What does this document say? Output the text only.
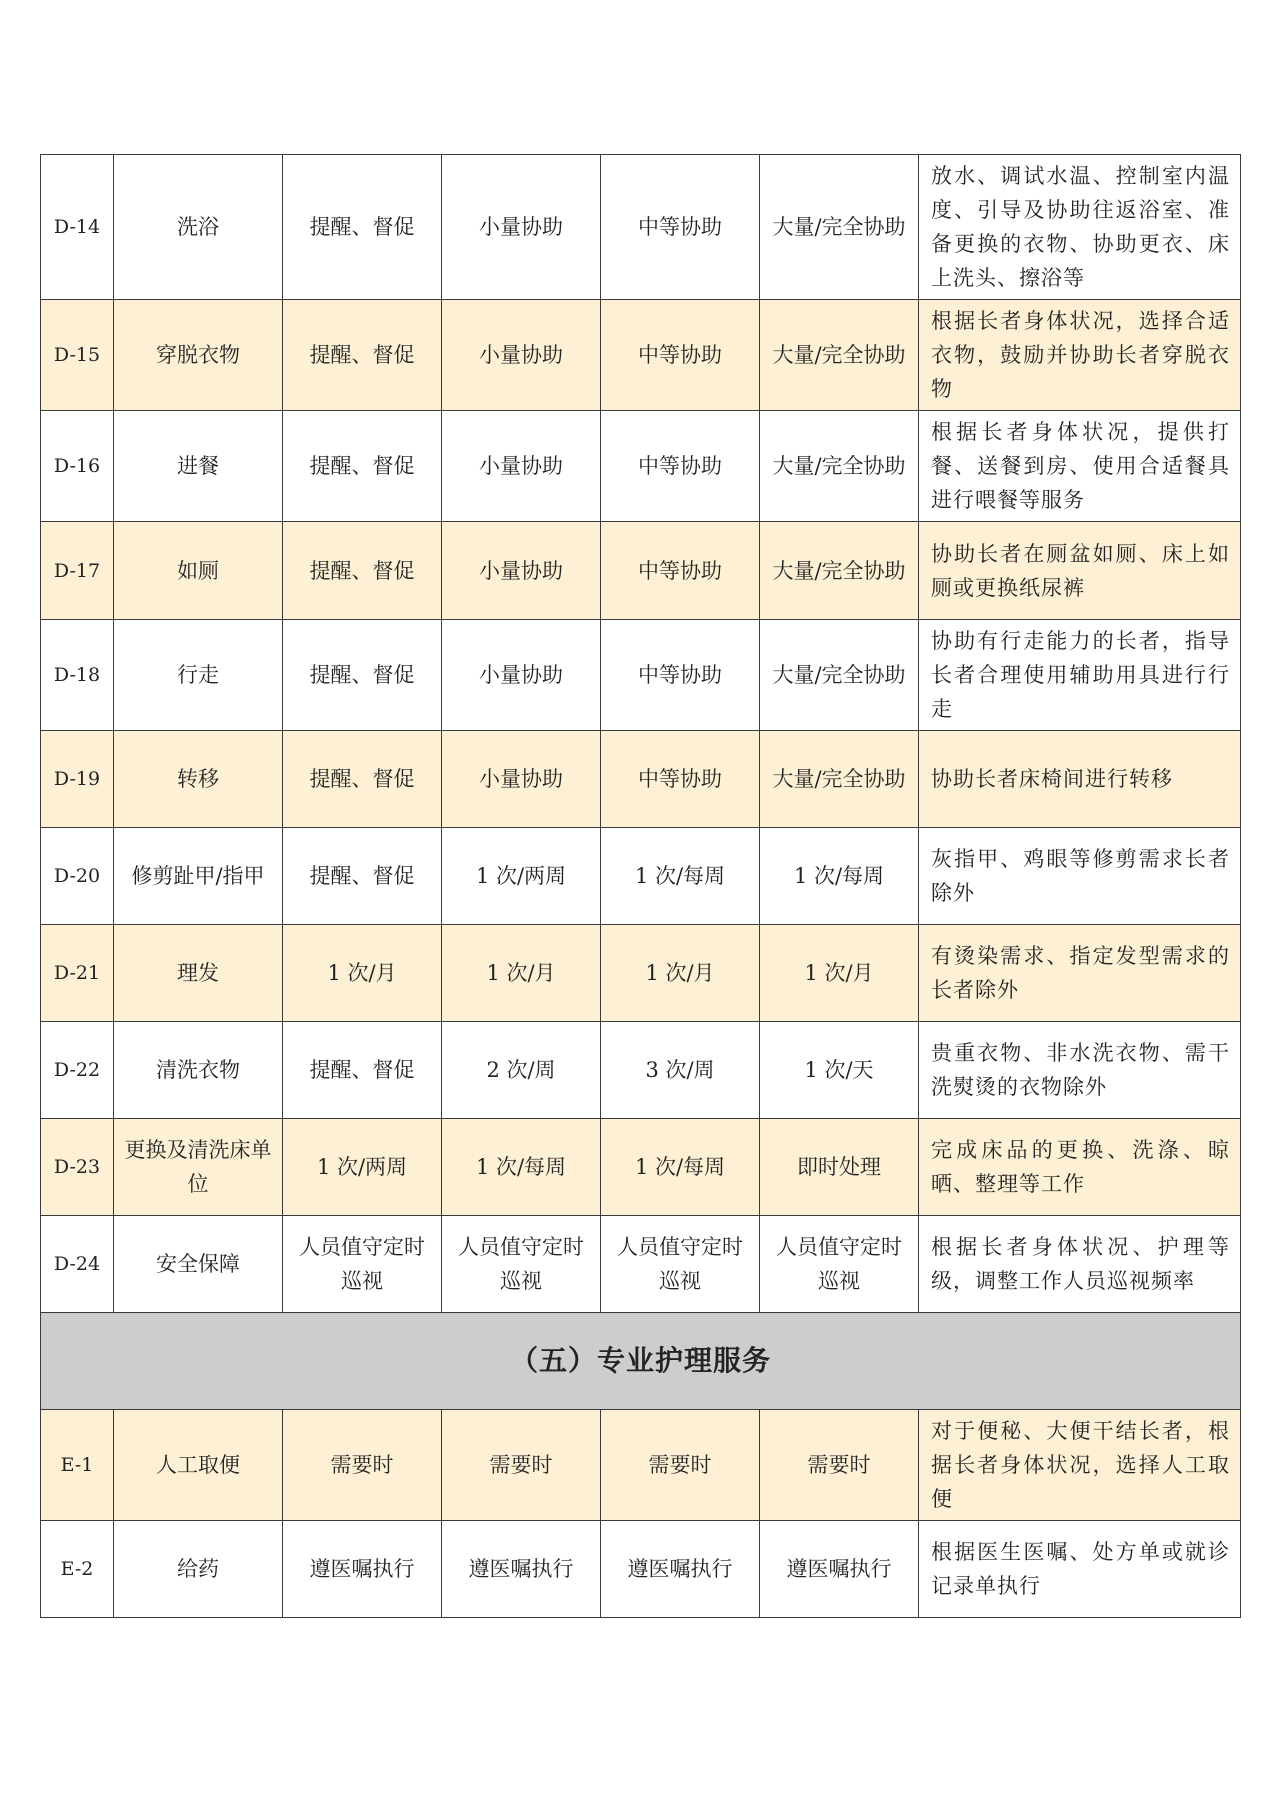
D-14	洗浴	提醒、督促	小量协助	中等协助	大量/完全协助	放水、调试水温、控制室内温度、引导及协助往返浴室、准备更换的衣物、协助更衣、床上洗头、擦浴等
D-15	穿脱衣物	提醒、督促	小量协助	中等协助	大量/完全协助	根据长者身体状况，选择合适衣物，鼓励并协助长者穿脱衣物
D-16	进餐	提醒、督促	小量协助	中等协助	大量/完全协助	根据长者身体状况，提供打餐、送餐到房、使用合适餐具进行喂餐等服务
D-17	如厕	提醒、督促	小量协助	中等协助	大量/完全协助	协助长者在厕盆如厕、床上如厕或更换纸尿裤
D-18	行走	提醒、督促	小量协助	中等协助	大量/完全协助	协助有行走能力的长者，指导长者合理使用辅助用具进行行走
D-19	转移	提醒、督促	小量协助	中等协助	大量/完全协助	协助长者床椅间进行转移
D-20	修剪趾甲/指甲	提醒、督促	1 次/两周	1 次/每周	1 次/每周	灰指甲、鸡眼等修剪需求长者除外
D-21	理发	1 次/月	1 次/月	1 次/月	1 次/月	有烫染需求、指定发型需求的长者除外
D-22	清洗衣物	提醒、督促	2 次/周	3 次/周	1 次/天	贵重衣物、非水洗衣物、需干洗熨烫的衣物除外
D-23	更换及清洗床单位	1 次/两周	1 次/每周	1 次/每周	即时处理	完成床品的更换、洗涤、晾晒、整理等工作
D-24	安全保障	人员值守定时巡视	人员值守定时巡视	人员值守定时巡视	人员值守定时巡视	根据长者身体状况、护理等级，调整工作人员巡视频率
（五）专业护理服务						
E-1	人工取便	需要时	需要时	需要时	需要时	对于便秘、大便干结长者，根据长者身体状况，选择人工取便
E-2	给药	遵医嘱执行	遵医嘱执行	遵医嘱执行	遵医嘱执行	根据医生医嘱、处方单或就诊记录单执行
